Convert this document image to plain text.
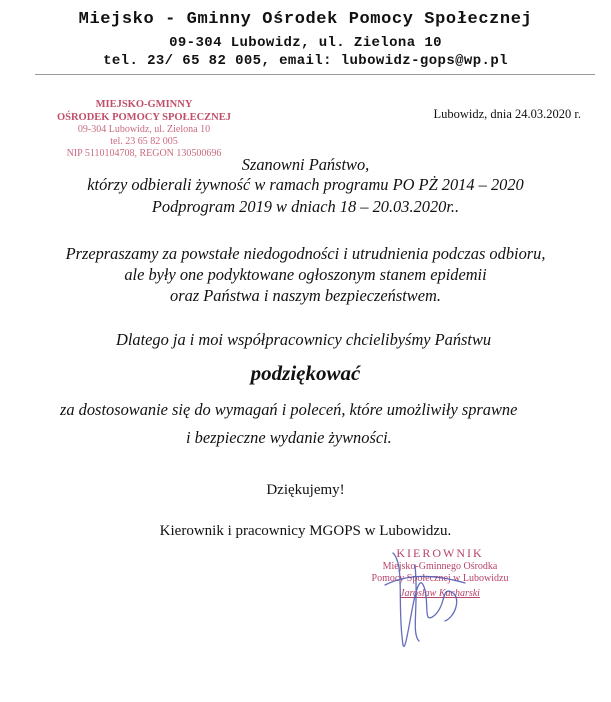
Miejsko - Gminny Ośrodek Pomocy Społecznej
09-304 Lubowidz, ul. Zielona 10
tel. 23/ 65 82 005, email: lubowidz-gops@wp.pl
MIEJSKO-GMINNY
OŚRODEK POMOCY SPOŁECZNEJ
09-304 Lubowidz, ul. Zielona 10
tel. 23 65 82 005
NIP 5110104708, REGON 130500696
Lubowidz, dnia 24.03.2020 r.
Szanowni Państwo,
którzy odbierali żywność w ramach programu PO PŻ 2014 – 2020
Podprogram 2019 w dniach 18 – 20.03.2020r..
Przepraszamy za powstałe niedogodności i utrudnienia podczas odbioru,
ale były one podyktowane ogłoszonym stanem epidemii
oraz Państwa i naszym bezpieczeństwem.
Dlatego ja i moi współpracownicy chcielibyśmy Państwu
podziękować
za dostosowanie się do wymagań i poleceń, które umożliwiły sprawne
i bezpieczne wydanie żywności.
Dziękujemy!
Kierownik i pracownicy MGOPS w Lubowidzu.
KIEROWNIK
Miejsko-Gminnego Ośrodka
Pomocy Społecznej w Lubowidzu
Jarosław Kucharski
